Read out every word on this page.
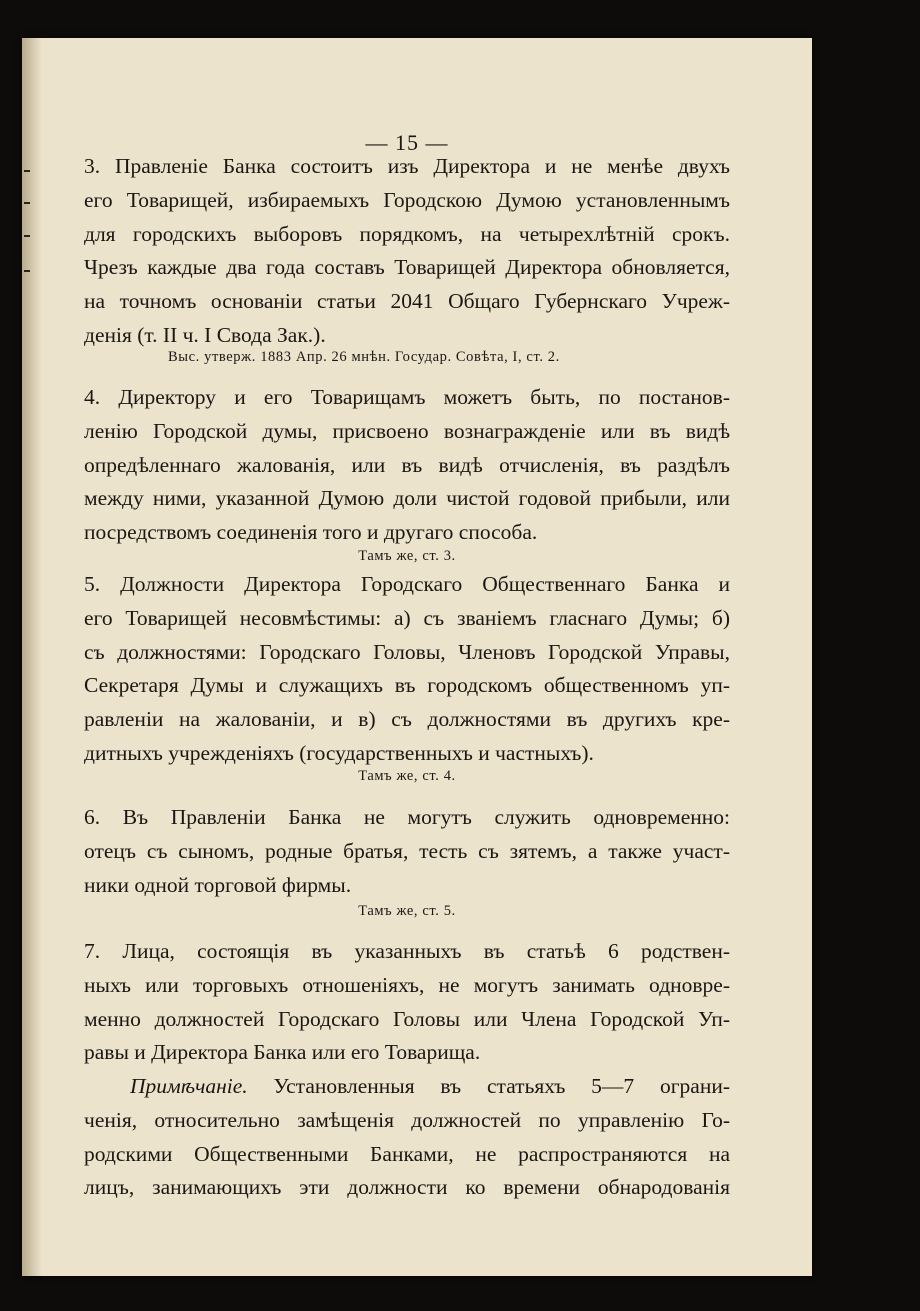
— 15 —
3. Правленіе Банка состоитъ изъ Директора и не менѣе двухъ
его Товарищей, избираемыхъ Городскою Думою установленнымъ
для городскихъ выборовъ порядкомъ, на четырехлѣтній срокъ.
Чрезъ каждые два года составъ Товарищей Директора обновляется,
на точномъ основаніи статьи 2041 Общаго Губернскаго Учреж-
денія (т. II ч. I Свода Зак.).
Выс. утверж. 1883 Апр. 26 мнѣн. Государ. Совѣта, I, ст. 2.
4. Директору и его Товарищамъ можетъ быть, по постанов-
ленію Городской думы, присвоено вознагражденіе или въ видѣ
опредѣленнаго жалованія, или въ видѣ отчисленія, въ раздѣлъ
между ними, указанной Думою доли чистой годовой прибыли, или
посредствомъ соединенія того и другаго способа.
Тамъ же, ст. 3.
5. Должности Директора Городскаго Общественнаго Банка и
его Товарищей несовмѣстимы: а) съ званіемъ гласнаго Думы; б)
съ должностями: Городскаго Головы, Членовъ Городской Управы,
Секретаря Думы и служащихъ въ городскомъ общественномъ уп-
равленіи на жалованіи, и в) съ должностями въ другихъ кре-
дитныхъ учрежденіяхъ (государственныхъ и частныхъ).
Тамъ же, ст. 4.
6. Въ Правленіи Банка не могутъ служить одновременно:
отецъ съ сыномъ, родные братья, тесть съ зятемъ, а также участ-
ники одной торговой фирмы.
Тамъ же, ст. 5.
7. Лица, состоящія въ указанныхъ въ статьѣ 6 родствен-
ныхъ или торговыхъ отношеніяхъ, не могутъ занимать одновре-
менно должностей Городскаго Головы или Члена Городской Уп-
равы и Директора Банка или его Товарища.
Примѣчаніе. Установленныя въ статьяхъ 5—7 ограни-
ченія, относительно замѣщенія должностей по управленію Го-
родскими Общественными Банками, не распространяются на
лицъ, занимающихъ эти должности ко времени обнародованія
